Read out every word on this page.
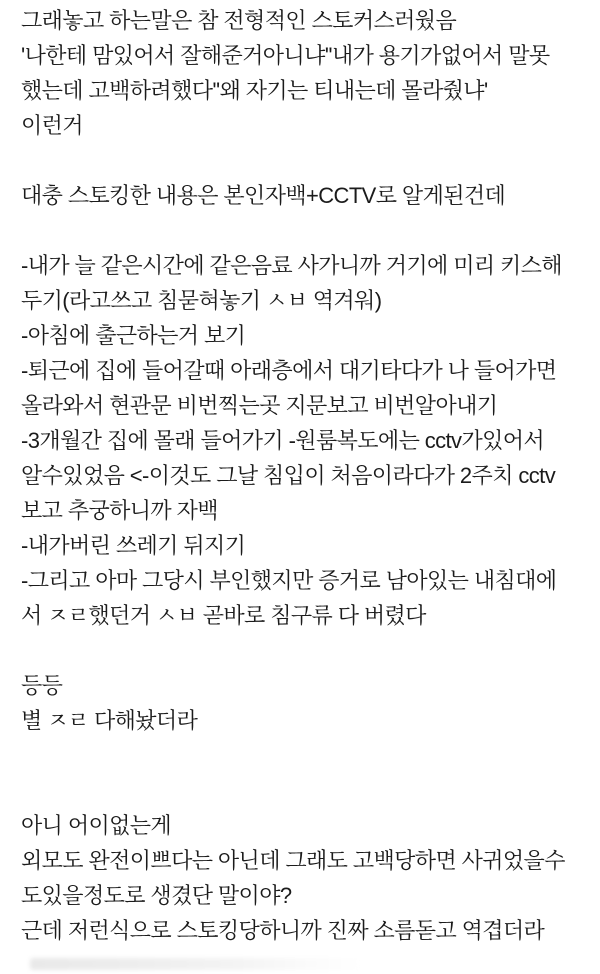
그래놓고 하는말은 참 전형적인 스토커스러웠음
'나한테 맘있어서 잘해준거아니냐''내가 용기가없어서 말못
했는데 고백하려했다''왜 자기는 티내는데 몰라줬냐'
이런거
대충 스토킹한 내용은 본인자백+CCTV로 알게된건데
-내가 늘 같은시간에 같은음료 사가니까 거기에 미리 키스해
두기(라고쓰고 침묻혀놓기 ㅅㅂ 역겨워)
-아침에 출근하는거 보기
-퇴근에 집에 들어갈때 아래층에서 대기타다가 나 들어가면
올라와서 현관문 비번찍는곳 지문보고 비번알아내기
-3개월간 집에 몰래 들어가기 -원룸복도에는 cctv가있어서
알수있었음 <-이것도 그날 침입이 처음이라다가 2주치 cctv
보고 추궁하니까 자백
-내가버린 쓰레기 뒤지기
-그리고 아마 그당시 부인했지만 증거로 남아있는 내침대에
서 ㅈㄹ했던거 ㅅㅂ 곧바로 침구류 다 버렸다
등등
별 ㅈㄹ 다해놨더라
아니 어이없는게
외모도 완전이쁘다는 아닌데 그래도 고백당하면 사귀었을수
도있을정도로 생겼단 말이야?
근데 저런식으로 스토킹당하니까 진짜 소름돋고 역겹더라
